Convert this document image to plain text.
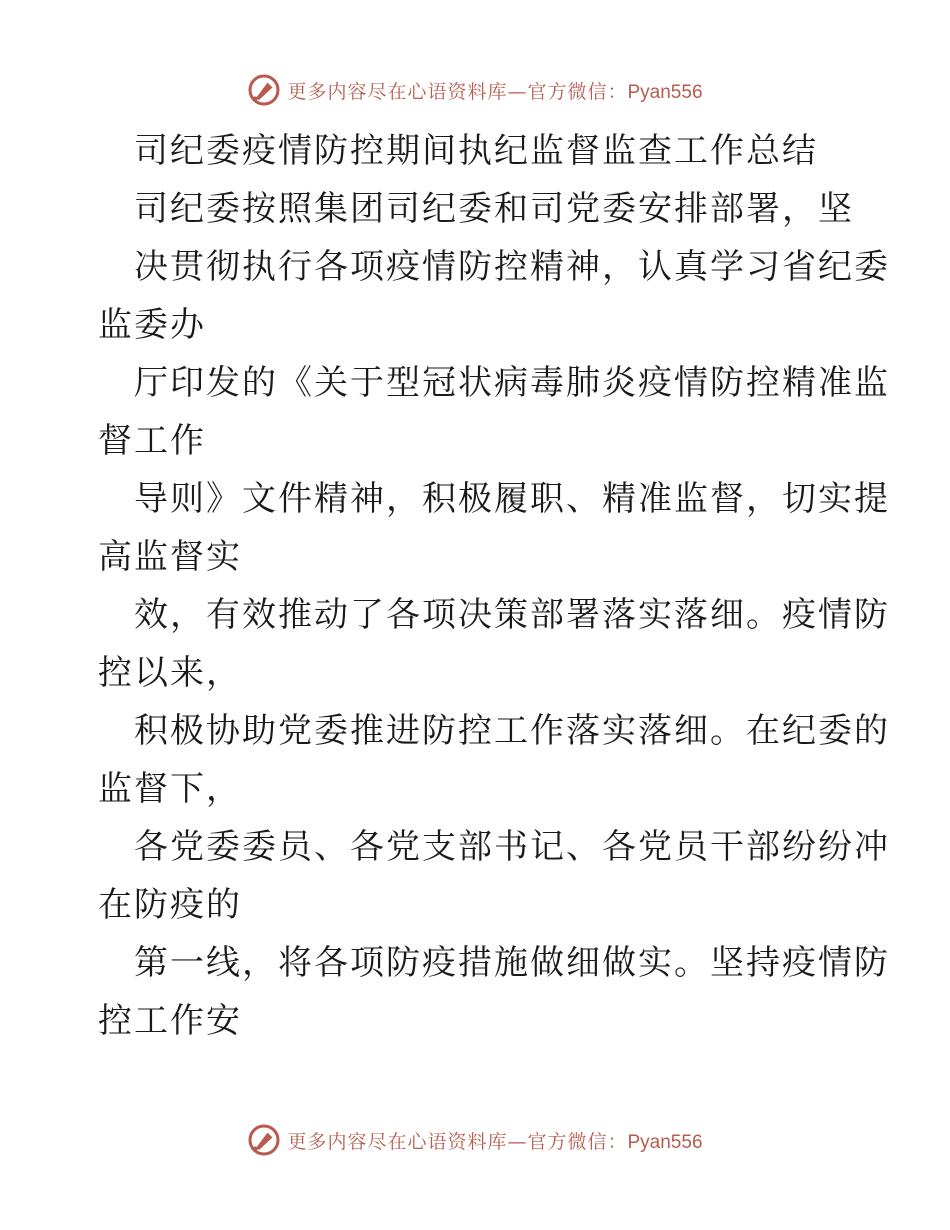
更多内容尽在心语资料库—官方微信：Pyan556
司纪委疫情防控期间执纪监督监查工作总结
司纪委按照集团司纪委和司党委安排部署，坚
决贯彻执行各项疫情防控精神，认真学习省纪委
监委办
厅印发的《关于型冠状病毒肺炎疫情防控精准监
督工作
导则》文件精神，积极履职、精准监督，切实提
高监督实
效，有效推动了各项决策部署落实落细。疫情防
控以来，
积极协助党委推进防控工作落实落细。在纪委的
监督下，
各党委委员、各党支部书记、各党员干部纷纷冲
在防疫的
第一线，将各项防疫措施做细做实。坚持疫情防
控工作安
更多内容尽在心语资料库—官方微信：Pyan556
